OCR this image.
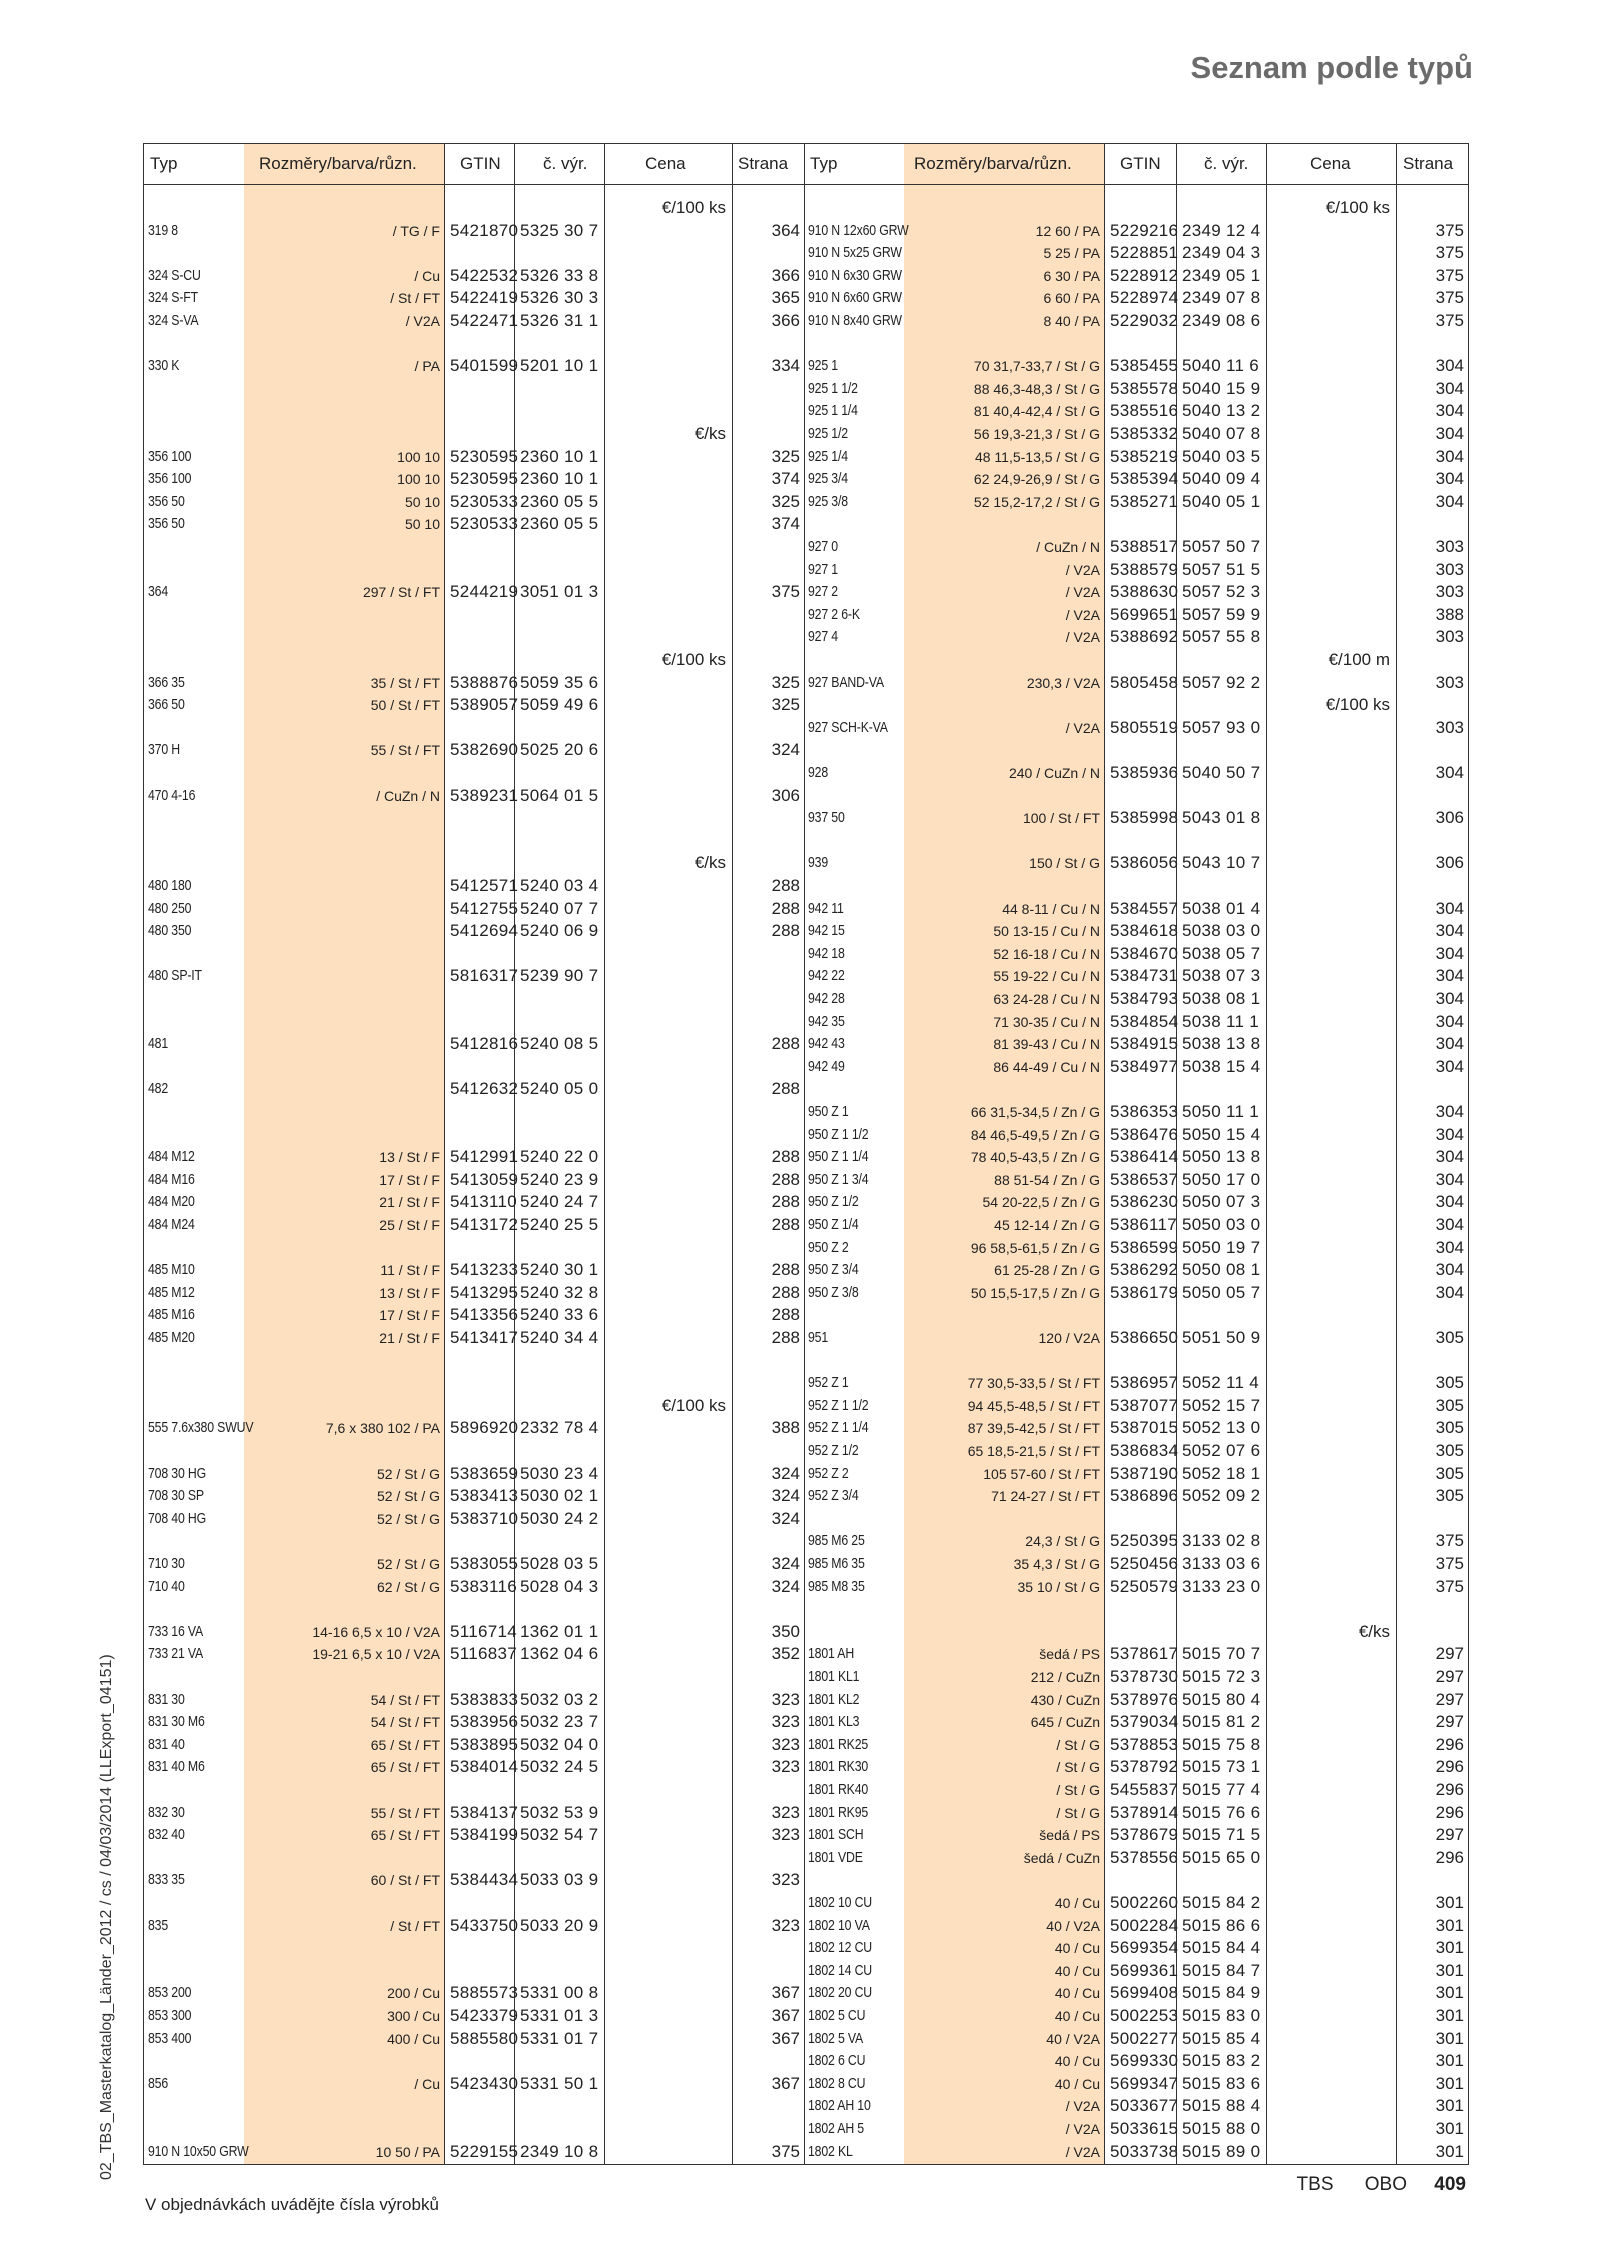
Seznam podle typů
02_TBS_Masterkatalog_Länder_2012 / cs / 04/03/2014 (LLExport_04151)
Typ	Rozměry/barva/různ.	GTIN č. výr.	Cena	Strana
€/100 ks
319 8	/ TG / F 5421870 5325 30 7	364
324 S-CU	/ Cu 5422532 5326 33 8	366
324 S-FT	/ St / FT 5422419 5326 30 3	365
324 S-VA	/ V2A 5422471 5326 31 1	366
330 K	/ PA 5401599 5201 10 1	334
€/ks
356 100	100 10 5230595 2360 10 1	325
356 100	100 10 5230595 2360 10 1	374
356 50	50 10 5230533 2360 05 5	325
356 50	50 10 5230533 2360 05 5	374
364	297 / St / FT 5244219 3051 01 3	375
€/100 ks
366 35	35 / St / FT 5388876 5059 35 6	325
366 50	50 / St / FT 5389057 5059 49 6	325
370 H	55 / St / FT 5382690 5025 20 6	324
470 4-16	/ CuZn / N 5389231 5064 01 5	306
€/ks
480 180	5412571 5240 03 4	288
480 250	5412755 5240 07 7	288
480 350	5412694 5240 06 9	288
480 SP-IT	5816317 5239 90 7
481	5412816 5240 08 5	288
482	5412632 5240 05 0	288
484 M12	13 / St / F 5412991 5240 22 0	288
484 M16	17 / St / F 5413059 5240 23 9	288
484 M20	21 / St / F 5413110 5240 24 7	288
484 M24	25 / St / F 5413172 5240 25 5	288
485 M10	11 / St / F 5413233 5240 30 1	288
485 M12	13 / St / F 5413295 5240 32 8	288
485 M16	17 / St / F 5413356 5240 33 6	288
485 M20	21 / St / F 5413417 5240 34 4	288
€/100 ks
555 7.6x380 SWUV	7,6 x 380 102 / PA 5896920 2332 78 4	388
708 30 HG	52 / St / G 5383659 5030 23 4	324
708 30 SP	52 / St / G 5383413 5030 02 1	324
708 40 HG	52 / St / G 5383710 5030 24 2	324
710 30	52 / St / G 5383055 5028 03 5	324
710 40	62 / St / G 5383116 5028 04 3	324
733 16 VA	14-16 6,5 x 10 / V2A 5116714 1362 01 1	350
733 21 VA	19-21 6,5 x 10 / V2A 5116837 1362 04 6	352
831 30	54 / St / FT 5383833 5032 03 2	323
831 30 M6	54 / St / FT 5383956 5032 23 7	323
831 40	65 / St / FT 5383895 5032 04 0	323
831 40 M6	65 / St / FT 5384014 5032 24 5	323
832 30	55 / St / FT 5384137 5032 53 9	323
832 40	65 / St / FT 5384199 5032 54 7	323
833 35	60 / St / FT 5384434 5033 03 9	323
835	/ St / FT 5433750 5033 20 9	323
853 200	200 / Cu 5885573 5331 00 8	367
853 300	300 / Cu 5423379 5331 01 3	367
853 400	400 / Cu 5885580 5331 01 7	367
856	/ Cu 5423430 5331 50 1	367
910 N 10x50 GRW	10 50 / PA 5229155 2349 10 8	375
Typ	Rozměry/barva/různ.	GTIN	č. výr.	Cena	Strana
€/100 ks
910 N 12x60 GRW	12 60 / PA 5229216 2349 12 4	375
910 N 5x25 GRW	5 25 / PA 5228851 2349 04 3	375
910 N 6x30 GRW	6 30 / PA 5228912 2349 05 1	375
910 N 6x60 GRW	6 60 / PA 5228974 2349 07 8	375
910 N 8x40 GRW	8 40 / PA 5229032 2349 08 6	375
925 1	70 31,7-33,7 / St / G 5385455 5040 11 6	304
925 1 1/2	88 46,3-48,3 / St / G 5385578 5040 15 9	304
925 1 1/4	81 40,4-42,4 / St / G 5385516 5040 13 2	304
925 1/2	56 19,3-21,3 / St / G 5385332 5040 07 8	304
925 1/4	48 11,5-13,5 / St / G 5385219 5040 03 5	304
925 3/4	62 24,9-26,9 / St / G 5385394 5040 09 4	304
925 3/8	52 15,2-17,2 / St / G 5385271 5040 05 1	304
927 0	/ CuZn / N 5388517 5057 50 7	303
927 1	/ V2A 5388579 5057 51 5	303
927 2	/ V2A 5388630 5057 52 3	303
927 2 6-K	/ V2A 5699651 5057 59 9	388
927 4	/ V2A 5388692 5057 55 8	303
€/100 m
927 BAND-VA	230,3 / V2A 5805458 5057 92 2	303
€/100 ks
927 SCH-K-VA	/ V2A 5805519 5057 93 0	303
928	240 / CuZn / N 5385936 5040 50 7	304
937 50	100 / St / FT 5385998 5043 01 8	306
939	150 / St / G 5386056 5043 10 7	306
942 11	44 8-11 / Cu / N 5384557 5038 01 4	304
942 15	50 13-15 / Cu / N 5384618 5038 03 0	304
942 18	52 16-18 / Cu / N 5384670 5038 05 7	304
942 22	55 19-22 / Cu / N 5384731 5038 07 3	304
942 28	63 24-28 / Cu / N 5384793 5038 08 1	304
942 35	71 30-35 / Cu / N 5384854 5038 11 1	304
942 43	81 39-43 / Cu / N 5384915 5038 13 8	304
942 49	86 44-49 / Cu / N 5384977 5038 15 4	304
950 Z 1	66 31,5-34,5 / Zn / G 5386353 5050 11 1	304
950 Z 1 1/2	84 46,5-49,5 / Zn / G 5386476 5050 15 4	304
950 Z 1 1/4	78 40,5-43,5 / Zn / G 5386414 5050 13 8	304
950 Z 1 3/4	88 51-54 / Zn / G 5386537 5050 17 0	304
950 Z 1/2	54 20-22,5 / Zn / G 5386230 5050 07 3	304
950 Z 1/4	45 12-14 / Zn / G 5386117 5050 03 0	304
950 Z 2	96 58,5-61,5 / Zn / G 5386599 5050 19 7	304
950 Z 3/4	61 25-28 / Zn / G 5386292 5050 08 1	304
950 Z 3/8	50 15,5-17,5 / Zn / G 5386179 5050 05 7	304
951	120 / V2A 5386650 5051 50 9	305
952 Z 1	77 30,5-33,5 / St / FT 5386957 5052 11 4	305
952 Z 1 1/2	94 45,5-48,5 / St / FT 5387077 5052 15 7	305
952 Z 1 1/4	87 39,5-42,5 / St / FT 5387015 5052 13 0	305
952 Z 1/2	65 18,5-21,5 / St / FT 5386834 5052 07 6	305
952 Z 2	105 57-60 / St / FT 5387190 5052 18 1	305
952 Z 3/4	71 24-27 / St / FT 5386896 5052 09 2	305
985 M6 25	24,3 / St / G 5250395 3133 02 8	375
985 M6 35	35 4,3 / St / G 5250456 3133 03 6	375
985 M8 35	35 10 / St / G 5250579 3133 23 0	375
€/ks
1801 AH	šedá / PS 5378617 5015 70 7	297
1801 KL1	212 / CuZn 5378730 5015 72 3	297
1801 KL2	430 / CuZn 5378976 5015 80 4	297
1801 KL3	645 / CuZn 5379034 5015 81 2	297
1801 RK25	/ St / G 5378853 5015 75 8	296
1801 RK30	/ St / G 5378792 5015 73 1	296
1801 RK40	/ St / G 5455837 5015 77 4	296
1801 RK95	/ St / G 5378914 5015 76 6	296
1801 SCH	šedá / PS 5378679 5015 71 5	297
1801 VDE	šedá / CuZn 5378556 5015 65 0	296
1802 10 CU	40 / Cu 5002260 5015 84 2	301
1802 10 VA	40 / V2A 5002284 5015 86 6	301
1802 12 CU	40 / Cu 5699354 5015 84 4	301
1802 14 CU	40 / Cu 5699361 5015 84 7	301
1802 20 CU	40 / Cu 5699408 5015 84 9	301
1802 5 CU	40 / Cu 5002253 5015 83 0	301
1802 5 VA	40 / V2A 5002277 5015 85 4	301
1802 6 CU	40 / Cu 5699330 5015 83 2	301
1802 8 CU	40 / Cu 5699347 5015 83 6	301
1802 AH 10	/ V2A 5033677 5015 88 4	301
1802 AH 5	/ V2A 5033615 5015 88 0	301
1802 KL	/ V2A 5033738 5015 89 0	301
V objednávkách uvádějte čísla výrobků
TBS OBO 409
